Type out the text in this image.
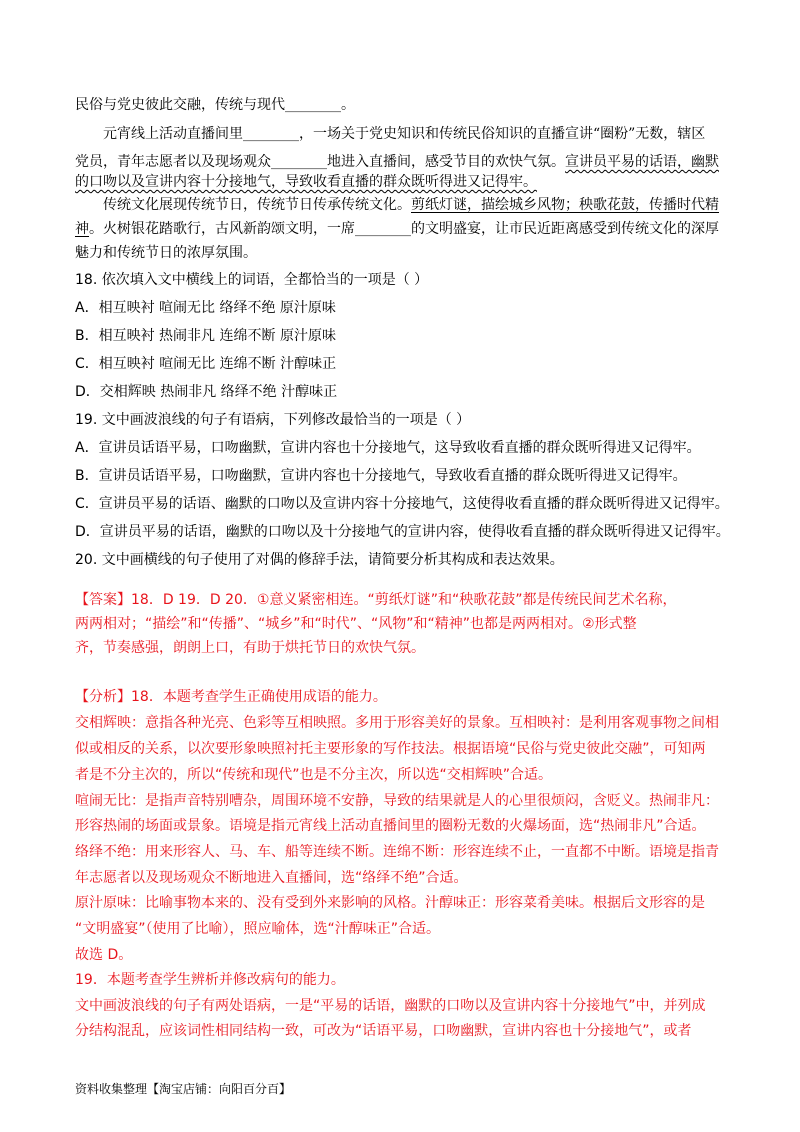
民俗与党史彼此交融，传统与现代________。
元宵线上活动直播间里________，一场关于党史知识和传统民俗知识的直播宣讲“圈粉”无数，辖区
党员，青年志愿者以及现场观众________地进入直播间，感受节目的欢快气氛。宣讲员平易的话语，幽默
的口吻以及宣讲内容十分接地气，导致收看直播的群众既听得进又记得牢。
传统文化展现传统节日，传统节日传承传统文化。剪纸灯谜，描绘城乡风物；秧歌花鼓，传播时代精
神。火树银花踏歌行，古风新韵颂文明，一席________的文明盛宴，让市民近距离感受到传统文化的深厚
魅力和传统节日的浓厚氛围。
18. 依次填入文中横线上的词语，全都恰当的一项是（ ）
A．相互映衬 喧闹无比 络绎不绝 原汁原味
B．相互映衬 热闹非凡 连绵不断 原汁原味
C．相互映衬 喧闹无比 连绵不断 汁醇味正
D．交相辉映 热闹非凡 络绎不绝 汁醇味正
19. 文中画波浪线的句子有语病，下列修改最恰当的一项是（ ）
A．宣讲员话语平易，口吻幽默，宣讲内容也十分接地气，这导致收看直播的群众既听得进又记得牢。
B．宣讲员话语平易，口吻幽默，宣讲内容也十分接地气，导致收看直播的群众既听得进又记得牢。
C．宣讲员平易的话语、幽默的口吻以及宣讲内容十分接地气，这使得收看直播的群众既听得进又记得牢。
D．宣讲员平易的话语，幽默的口吻以及十分接地气的宣讲内容，使得收看直播的群众既听得进又记得牢。
20. 文中画横线的句子使用了对偶的修辞手法，请简要分析其构成和表达效果。
【答案】18．D 19．D 20．①意义紧密相连。“剪纸灯谜”和“秧歌花鼓”都是传统民间艺术名称，
两两相对；“描绘”和“传播”、“城乡”和“时代”、“风物”和“精神”也都是两两相对。②形式整
齐，节奏感强，朗朗上口，有助于烘托节日的欢快气氛。
【分析】18．本题考查学生正确使用成语的能力。
交相辉映：意指各种光亮、色彩等互相映照。多用于形容美好的景象。互相映衬：是利用客观事物之间相
似或相反的关系，以次要形象映照衬托主要形象的写作技法。根据语境“民俗与党史彼此交融”，可知两
者是不分主次的，所以“传统和现代”也是不分主次，所以选“交相辉映”合适。
喧闹无比：是指声音特别嘈杂，周围环境不安静，导致的结果就是人的心里很烦闷，含贬义。热闹非凡：
形容热闹的场面或景象。语境是指元宵线上活动直播间里的圈粉无数的火爆场面，选“热闹非凡”合适。
络绎不绝：用来形容人、马、车、船等连续不断。连绵不断：形容连续不止，一直都不中断。语境是指青
年志愿者以及现场观众不断地进入直播间，选“络绎不绝”合适。
原汁原味：比喻事物本来的、没有受到外来影响的风格。汁醇味正：形容菜肴美味。根据后文形容的是
“文明盛宴”（使用了比喻），照应喻体，选“汁醇味正”合适。
故选 D。
19．本题考查学生辨析并修改病句的能力。
文中画波浪线的句子有两处语病，一是“平易的话语，幽默的口吻以及宣讲内容十分接地气”中，并列成
分结构混乱，应该词性相同结构一致，可改为“话语平易，口吻幽默，宣讲内容也十分接地气”，或者
资料收集整理【淘宝店铺：向阳百分百】
